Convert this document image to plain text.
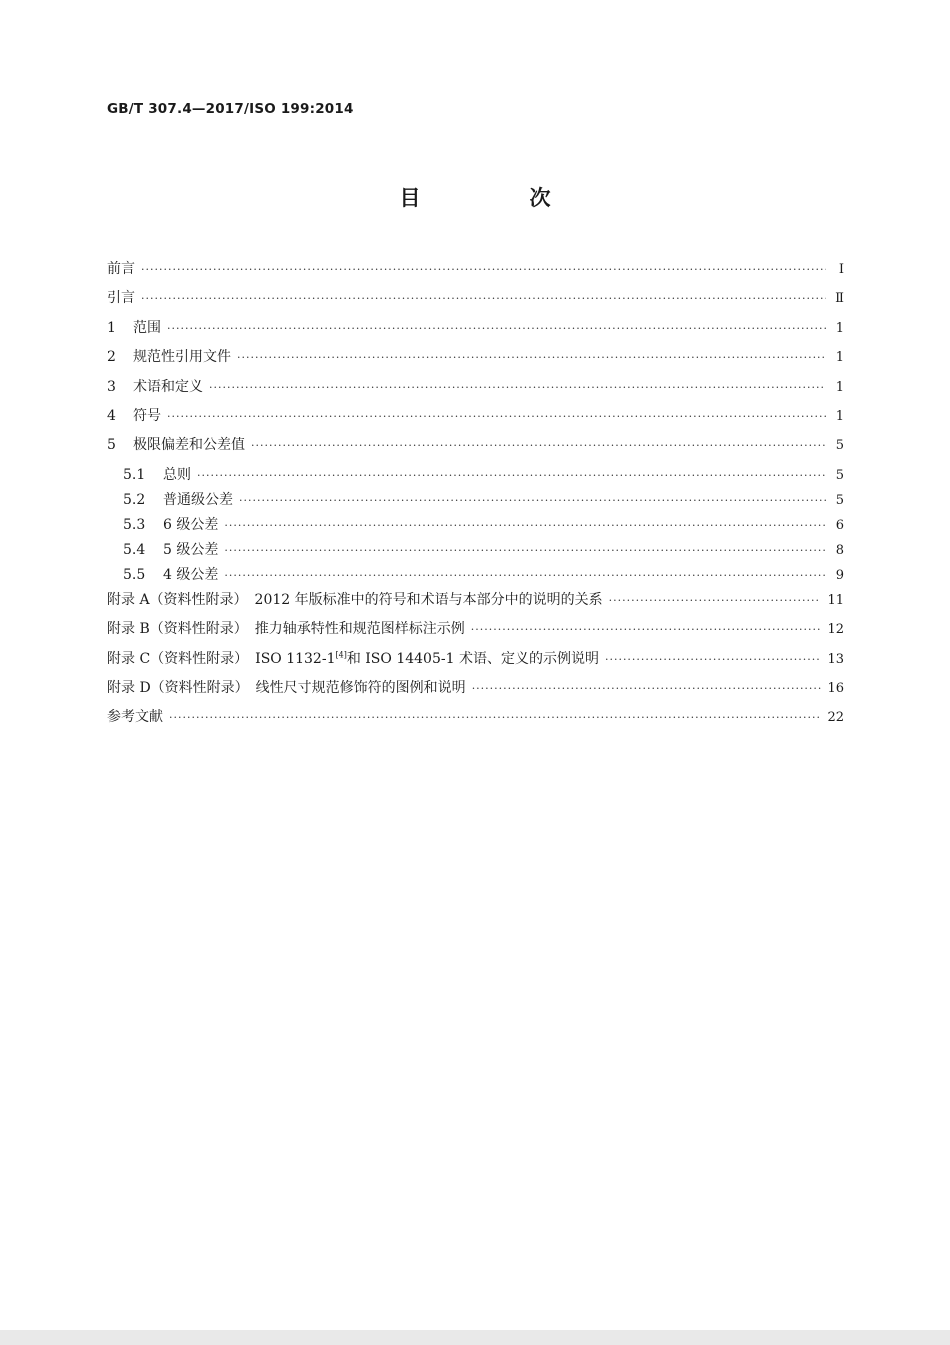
GB/T 307.4—2017/ISO 199:2014
目　次
前言 ·····	Ⅰ
引言 ·····	Ⅱ
1	范围 ·····	1
2	规范性引用文件 ·····	1
3	术语和定义 ·····	1
4	符号 ·····	1
5	极限偏差和公差值 ·····	5
5.1	总则 ·····	5
5.2	普通级公差 ·····	5
5.3	6 级公差 ·····	6
5.4	5 级公差 ·····	8
5.5	4 级公差 ·····	9
附录 A（资料性附录）　2012 年版标准中的符号和术语与本部分中的说明的关系 ·····	11
附录 B（资料性附录）　推力轴承特性和规范图样标注示例 ·····	12
附录 C（资料性附录）　ISO 1132-1[4]和 ISO 14405-1 术语、定义的示例说明 ·····	13
附录 D（资料性附录）　线性尺寸规范修饰符的图例和说明 ·····	16
参考文献 ·····	22
